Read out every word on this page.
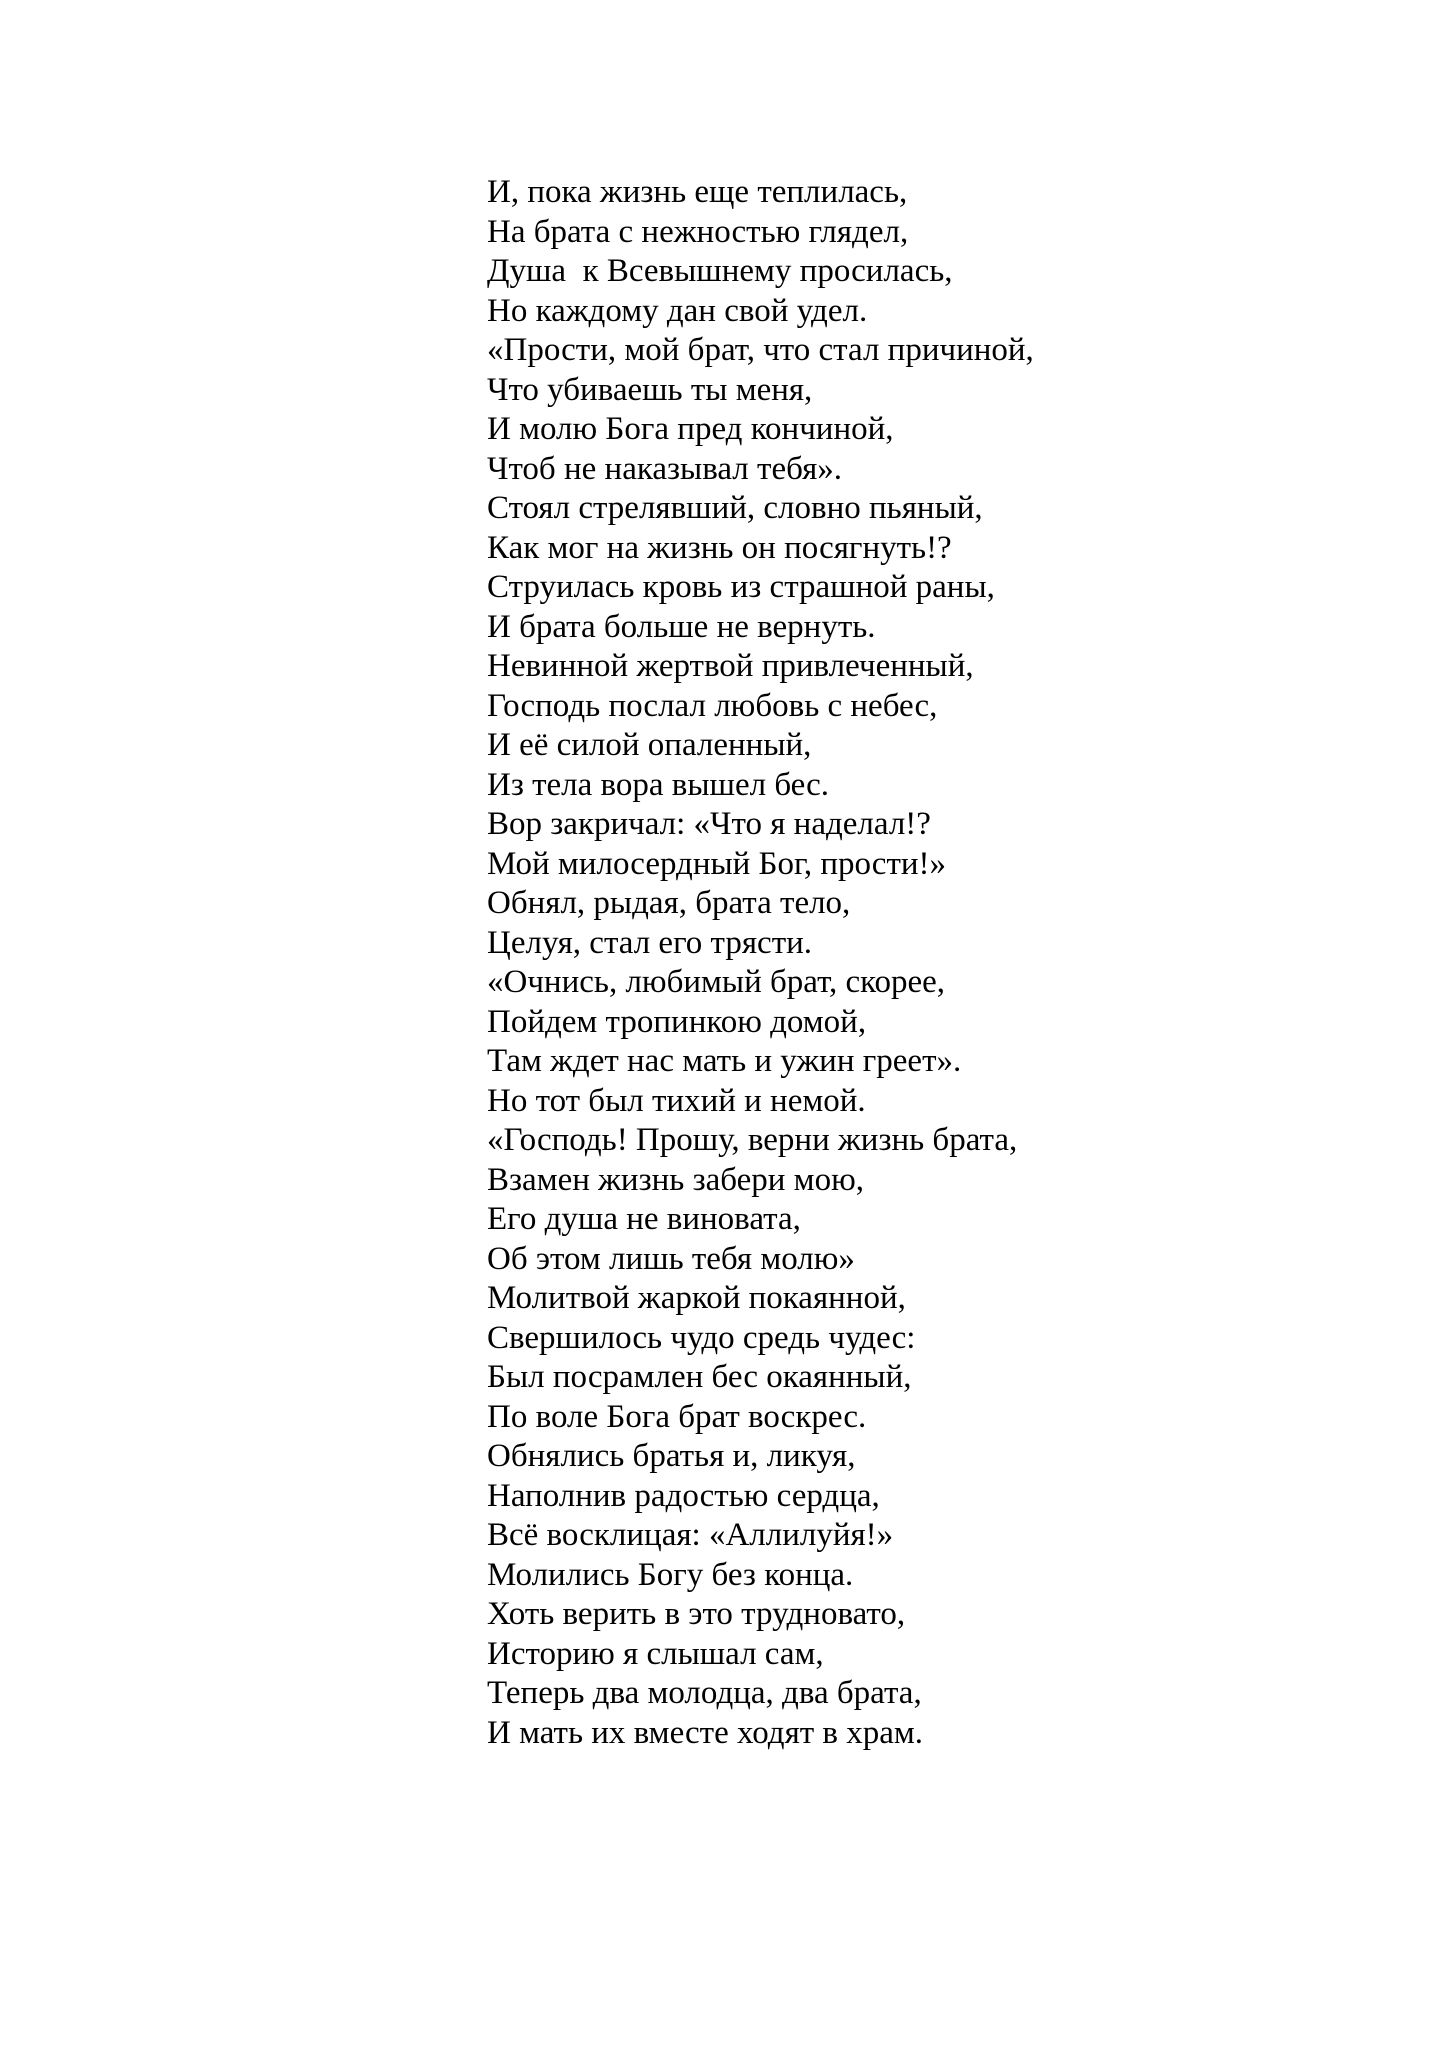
И, пока жизнь еще теплилась,
На брата с нежностью глядел,
Душа  к Всевышнему просилась,
Но каждому дан свой удел.
«Прости, мой брат, что стал причиной,
Что убиваешь ты меня,
И молю Бога пред кончиной,
Чтоб не наказывал тебя».
Стоял стрелявший, словно пьяный,
Как мог на жизнь он посягнуть!?
Струилась кровь из страшной раны,
И брата больше не вернуть.
Невинной жертвой привлеченный,
Господь послал любовь с небес,
И её силой опаленный,
Из тела вора вышел бес.
Вор закричал: «Что я наделал!?
Мой милосердный Бог, прости!»
Обнял, рыдая, брата тело,
Целуя, стал его трясти.
«Очнись, любимый брат, скорее,
Пойдем тропинкою домой,
Там ждет нас мать и ужин греет».
Но тот был тихий и немой.
«Господь! Прошу, верни жизнь брата,
Взамен жизнь забери мою,
Его душа не виновата,
Об этом лишь тебя молю»
Молитвой жаркой покаянной,
Свершилось чудо средь чудес:
Был посрамлен бес окаянный,
По воле Бога брат воскрес.
Обнялись братья и, ликуя,
Наполнив радостью сердца,
Всё восклицая: «Аллилуйя!»
Молились Богу без конца.
Хоть верить в это трудновато,
Историю я слышал сам,
Теперь два молодца, два брата,
И мать их вместе ходят в храм.
